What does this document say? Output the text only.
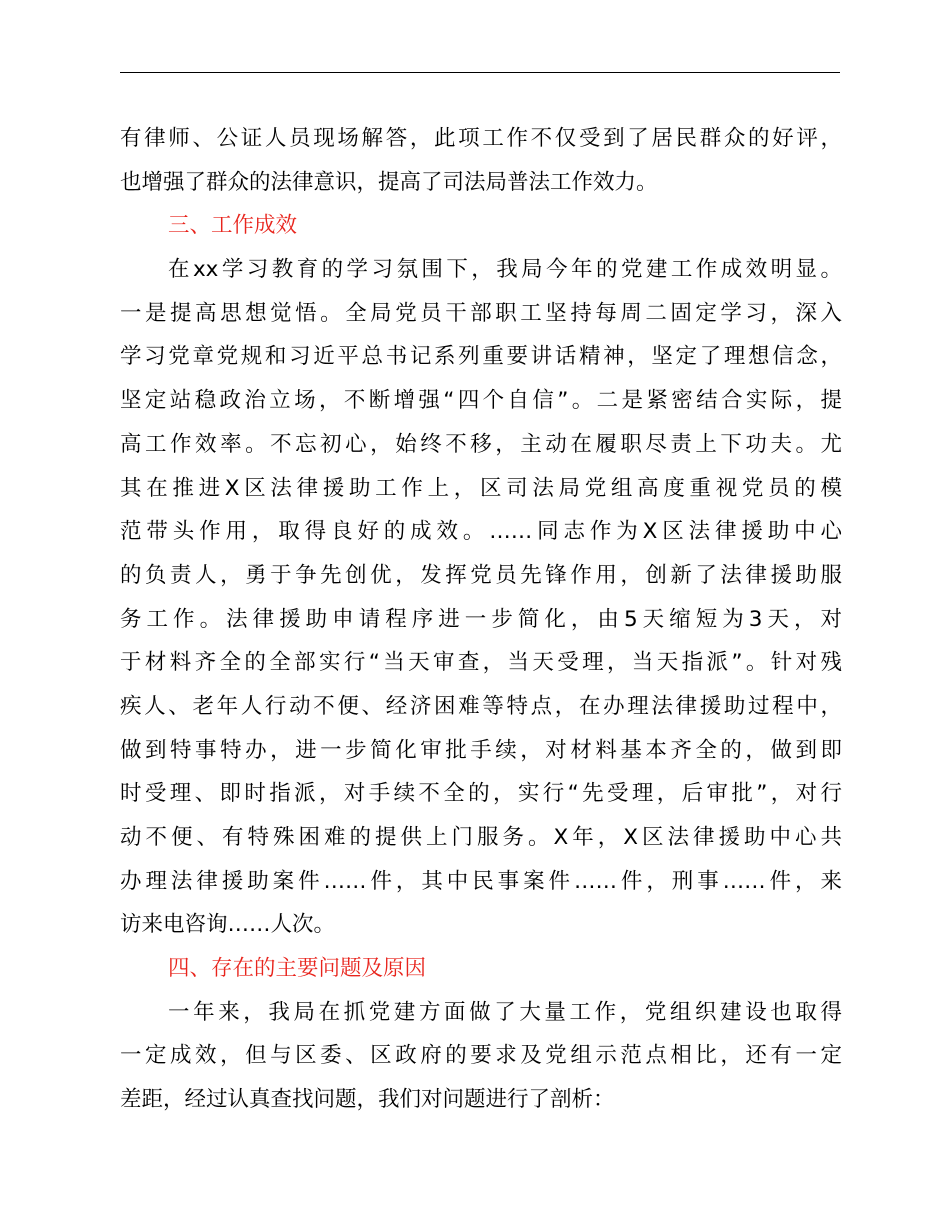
有律师、公证人员现场解答，此项工作不仅受到了居民群众的好评，
也增强了群众的法律意识，提高了司法局普法工作效力。
三、工作成效
在xx学习教育的学习氛围下，我局今年的党建工作成效明显。
一是提高思想觉悟。全局党员干部职工坚持每周二固定学习，深入
学习党章党规和习近平总书记系列重要讲话精神，坚定了理想信念，
坚定站稳政治立场，不断增强“四个自信”。二是紧密结合实际，提
高工作效率。不忘初心，始终不移，主动在履职尽责上下功夫。尤
其在推进X区法律援助工作上，区司法局党组高度重视党员的模
范带头作用，取得良好的成效。……同志作为X区法律援助中心
的负责人，勇于争先创优，发挥党员先锋作用，创新了法律援助服
务工作。法律援助申请程序进一步简化，由5天缩短为3天，对
于材料齐全的全部实行“当天审查，当天受理，当天指派”。针对残
疾人、老年人行动不便、经济困难等特点，在办理法律援助过程中，
做到特事特办，进一步简化审批手续，对材料基本齐全的，做到即
时受理、即时指派，对手续不全的，实行“先受理，后审批”，对行
动不便、有特殊困难的提供上门服务。X年，X区法律援助中心共
办理法律援助案件……件，其中民事案件……件，刑事……件，来
访来电咨询……人次。
四、存在的主要问题及原因
一年来，我局在抓党建方面做了大量工作，党组织建设也取得
一定成效，但与区委、区政府的要求及党组示范点相比，还有一定
差距，经过认真查找问题，我们对问题进行了剖析：
